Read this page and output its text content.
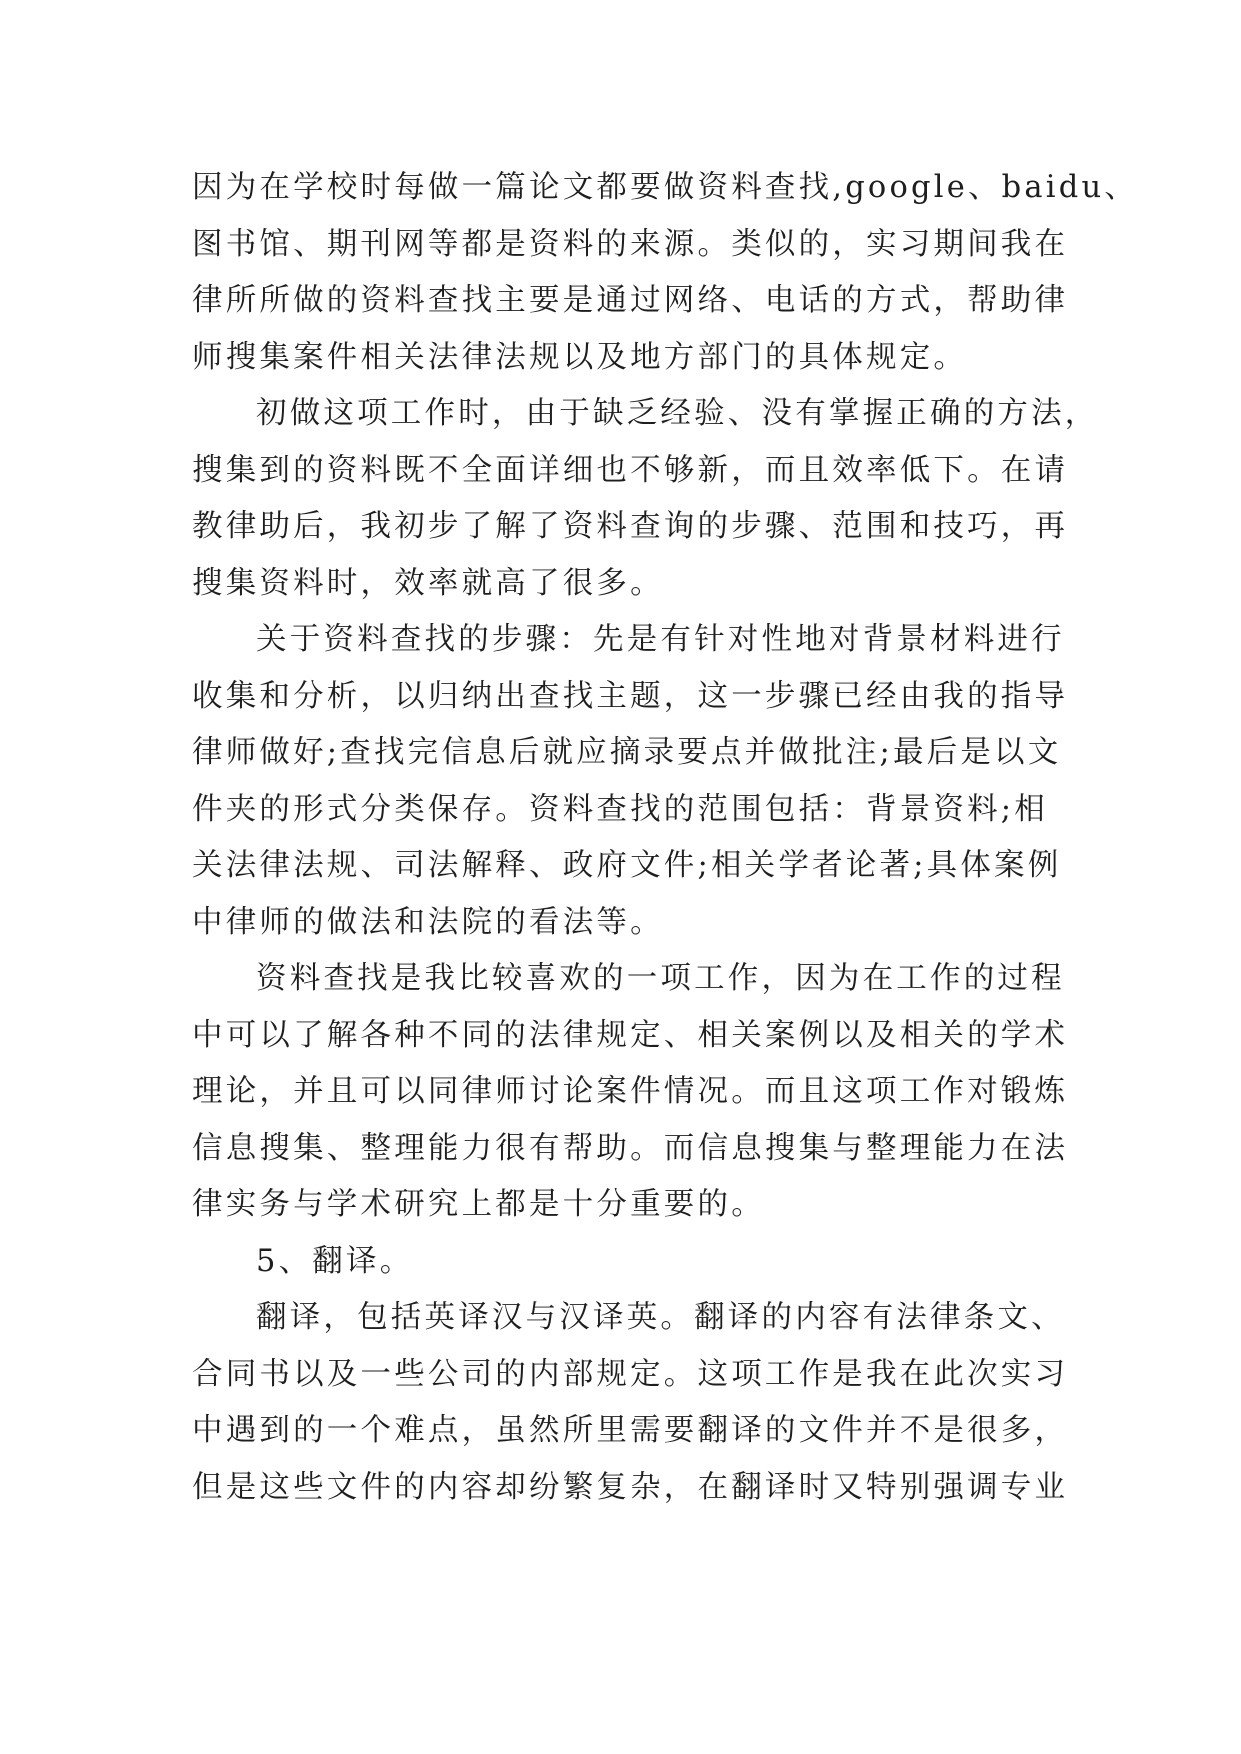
因为在学校时每做一篇论文都要做资料查找,google、baidu、
图书馆、期刊网等都是资料的来源。类似的，实习期间我在
律所所做的资料查找主要是通过网络、电话的方式，帮助律
师搜集案件相关法律法规以及地方部门的具体规定。
初做这项工作时，由于缺乏经验、没有掌握正确的方法，
搜集到的资料既不全面详细也不够新，而且效率低下。在请
教律助后，我初步了解了资料查询的步骤、范围和技巧，再
搜集资料时，效率就高了很多。
关于资料查找的步骤：先是有针对性地对背景材料进行
收集和分析，以归纳出查找主题，这一步骤已经由我的指导
律师做好;查找完信息后就应摘录要点并做批注;最后是以文
件夹的形式分类保存。资料查找的范围包括：背景资料;相
关法律法规、司法解释、政府文件;相关学者论著;具体案例
中律师的做法和法院的看法等。
资料查找是我比较喜欢的一项工作，因为在工作的过程
中可以了解各种不同的法律规定、相关案例以及相关的学术
理论，并且可以同律师讨论案件情况。而且这项工作对锻炼
信息搜集、整理能力很有帮助。而信息搜集与整理能力在法
律实务与学术研究上都是十分重要的。
5、翻译。
翻译，包括英译汉与汉译英。翻译的内容有法律条文、
合同书以及一些公司的内部规定。这项工作是我在此次实习
中遇到的一个难点，虽然所里需要翻译的文件并不是很多，
但是这些文件的内容却纷繁复杂，在翻译时又特别强调专业
